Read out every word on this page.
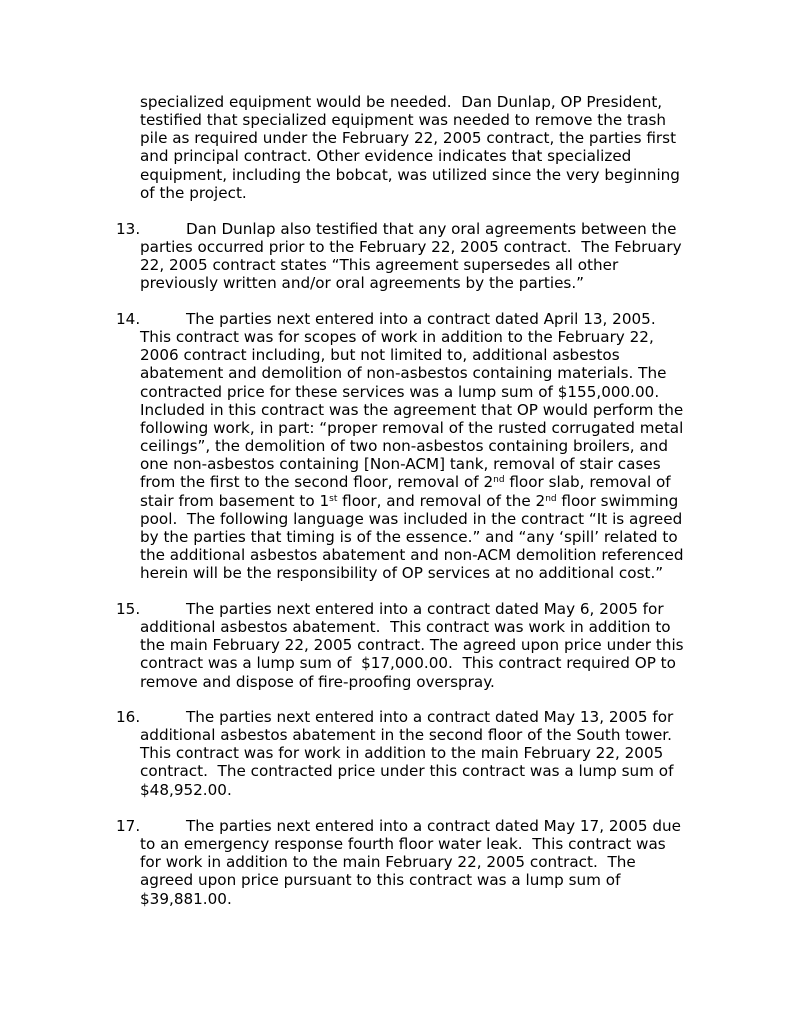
specialized equipment would be needed.  Dan Dunlap, OP President,
testified that specialized equipment was needed to remove the trash
pile as required under the February 22, 2005 contract, the parties first
and principal contract. Other evidence indicates that specialized
equipment, including the bobcat, was utilized since the very beginning
of the project.
13.	Dan Dunlap also testified that any oral agreements between the
parties occurred prior to the February 22, 2005 contract.  The February
22, 2005 contract states “This agreement supersedes all other
previously written and/or oral agreements by the parties.”
14.	The parties next entered into a contract dated April 13, 2005.
This contract was for scopes of work in addition to the February 22,
2006 contract including, but not limited to, additional asbestos
abatement and demolition of non-asbestos containing materials. The
contracted price for these services was a lump sum of $155,000.00.
Included in this contract was the agreement that OP would perform the
following work, in part: “proper removal of the rusted corrugated metal
ceilings”, the demolition of two non-asbestos containing broilers, and
one non-asbestos containing [Non-ACM] tank, removal of stair cases
from the first to the second floor, removal of 2nd floor slab, removal of
stair from basement to 1st floor, and removal of the 2nd floor swimming
pool.  The following language was included in the contract “It is agreed
by the parties that timing is of the essence.” and “any ‘spill’ related to
the additional asbestos abatement and non-ACM demolition referenced
herein will be the responsibility of OP services at no additional cost.”
15.	The parties next entered into a contract dated May 6, 2005 for
additional asbestos abatement.  This contract was work in addition to
the main February 22, 2005 contract. The agreed upon price under this
contract was a lump sum of  $17,000.00.  This contract required OP to
remove and dispose of fire-proofing overspray.
16.	The parties next entered into a contract dated May 13, 2005 for
additional asbestos abatement in the second floor of the South tower.
This contract was for work in addition to the main February 22, 2005
contract.  The contracted price under this contract was a lump sum of
$48,952.00.
17.	The parties next entered into a contract dated May 17, 2005 due
to an emergency response fourth floor water leak.  This contract was
for work in addition to the main February 22, 2005 contract.  The
agreed upon price pursuant to this contract was a lump sum of
$39,881.00.
